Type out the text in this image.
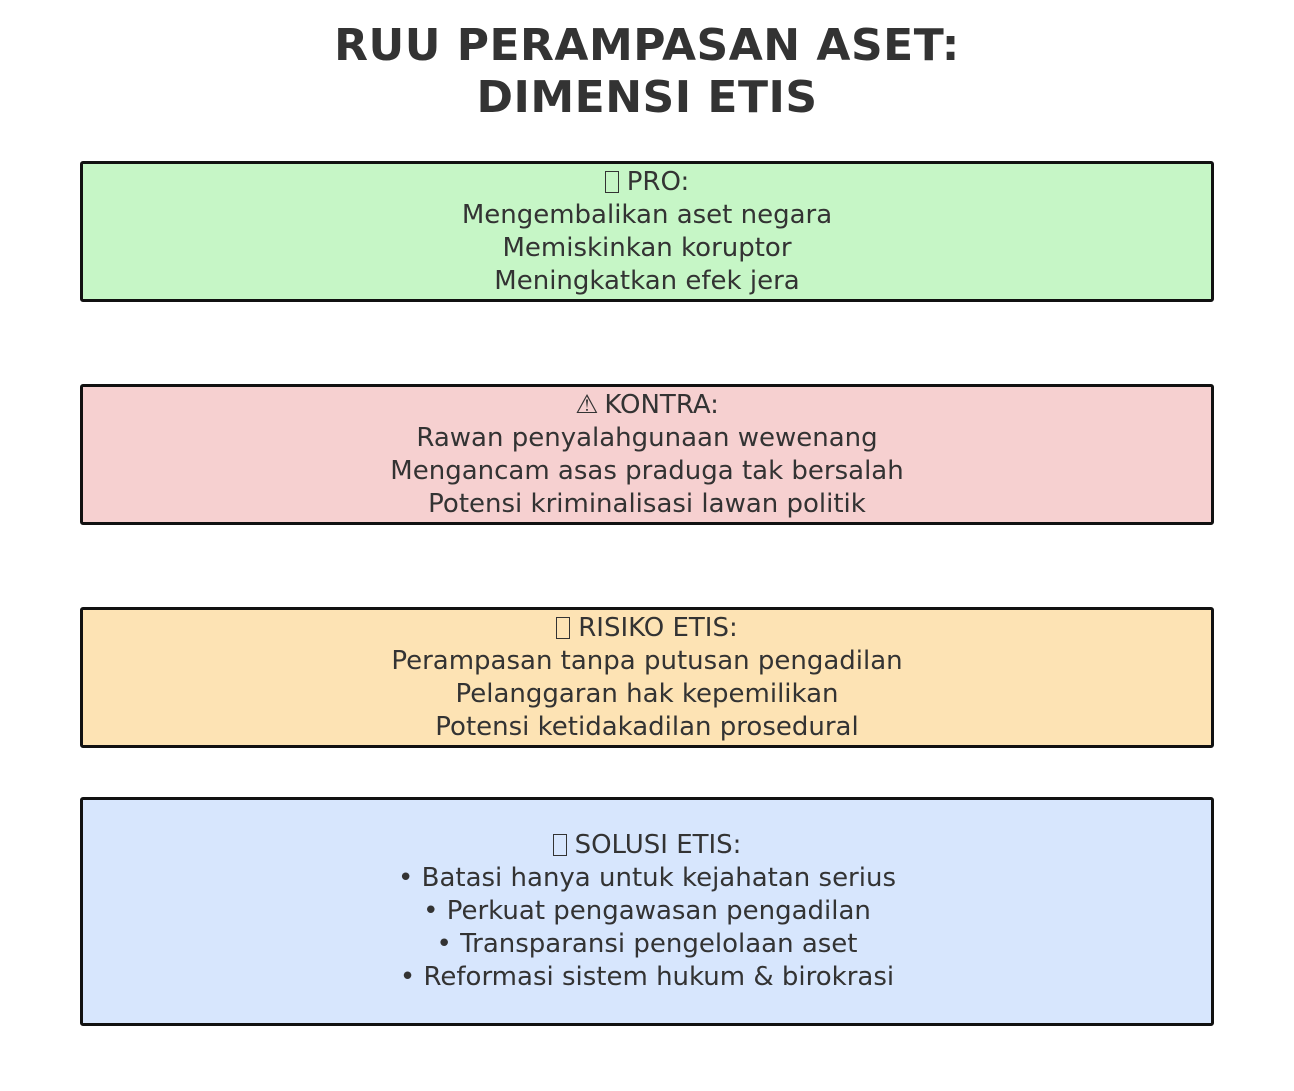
RUU PERAMPASAN ASET:
DIMENSI ETIS
PRO:
Mengembalikan aset negara
Memiskinkan koruptor
Meningkatkan efek jera
⚠ KONTRA:
Rawan penyalahgunaan wewenang
Mengancam asas praduga tak bersalah
Potensi kriminalisasi lawan politik
RISIKO ETIS:
Perampasan tanpa putusan pengadilan
Pelanggaran hak kepemilikan
Potensi ketidakadilan prosedural
SOLUSI ETIS:
• Batasi hanya untuk kejahatan serius
• Perkuat pengawasan pengadilan
• Transparansi pengelolaan aset
• Reformasi sistem hukum & birokrasi
